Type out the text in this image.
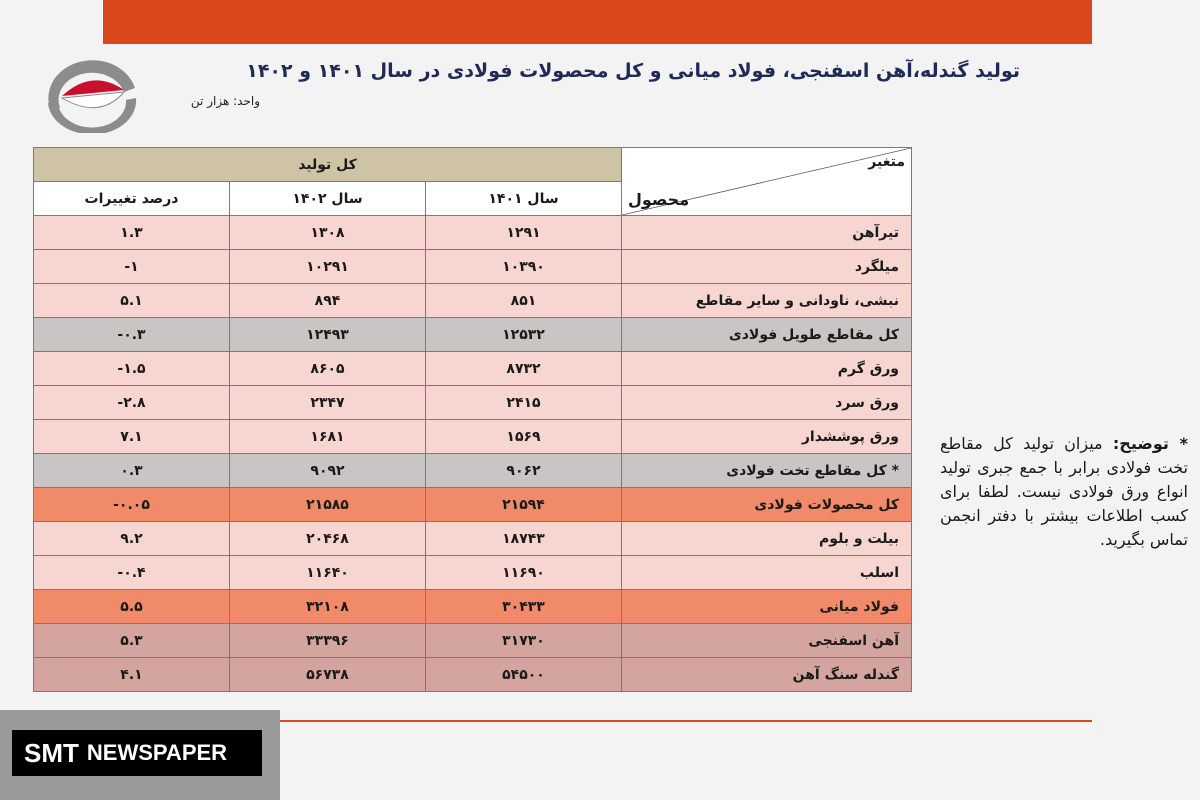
تولید گندله،آهن اسفنجی، فولاد میانی و کل محصولات فولادی در سال ۱۴۰۱ و ۱۴۰۲
واحد: هزار تن
متغیر
محصول	کل تولید		
	سال ۱۴۰۱	سال ۱۴۰۲	درصد تغییرات
تیرآهن	۱۲۹۱	۱۳۰۸	۱.۳
میلگرد	۱۰۳۹۰	۱۰۲۹۱	۱-
نبشی، ناودانی و سایر مقاطع	۸۵۱	۸۹۴	۵.۱
کل مقاطع طویل فولادی	۱۲۵۳۲	۱۲۴۹۳	۰.۳-
ورق گرم	۸۷۳۲	۸۶۰۵	۱.۵-
ورق سرد	۲۴۱۵	۲۳۴۷	۲.۸-
ورق پوششدار	۱۵۶۹	۱۶۸۱	۷.۱
* کل مقاطع تخت فولادی	۹۰۶۲	۹۰۹۲	۰.۳
کل محصولات فولادی	۲۱۵۹۴	۲۱۵۸۵	۰.۰۵-
بیلت و بلوم	۱۸۷۴۳	۲۰۴۶۸	۹.۲
اسلب	۱۱۶۹۰	۱۱۶۴۰	۰.۴-
فولاد میانی	۳۰۴۳۳	۳۲۱۰۸	۵.۵
آهن اسفنجی	۳۱۷۳۰	۳۳۳۹۶	۵.۳
گندله سنگ آهن	۵۴۵۰۰	۵۶۷۳۸	۴.۱
* توضیح: میزان تولید کل مقاطع تخت فولادی برابر با جمع جبری تولید انواع ورق فولادی نیست. لطفا برای کسب اطلاعات بیشتر با دفتر انجمن تماس بگیرید.
SMT NEWSPAPER
